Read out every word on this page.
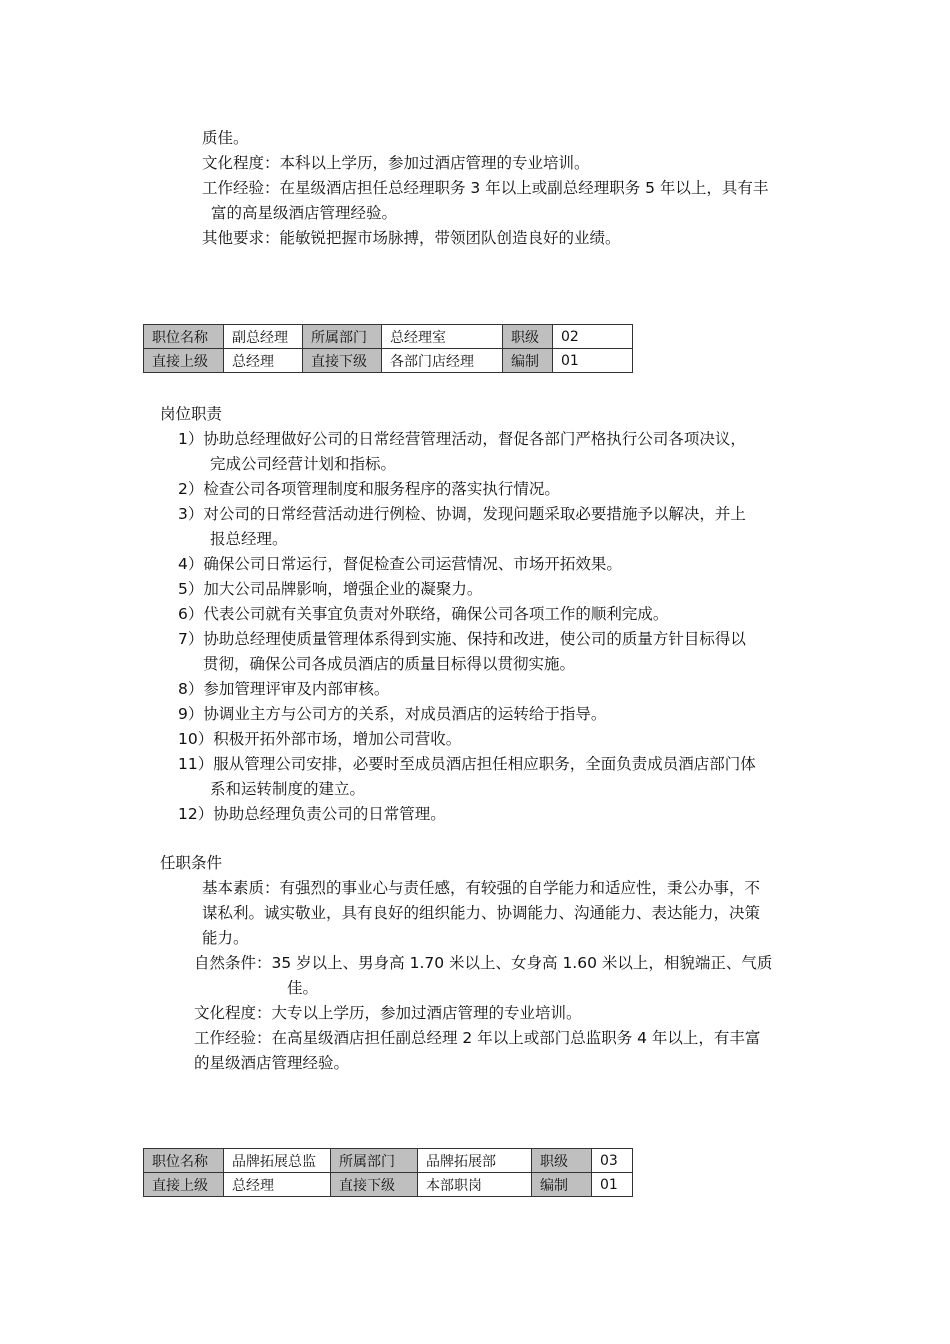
质佳。
文化程度：本科以上学历，参加过酒店管理的专业培训。
工作经验：在星级酒店担任总经理职务 3 年以上或副总经理职务 5 年以上，具有丰
富的高星级酒店管理经验。
其他要求：能敏锐把握市场脉搏，带领团队创造良好的业绩。
职位名称	副总经理	所属部门	总经理室	职级	02
直接上级	总经理	直接下级	各部门店经理	编制	01
岗位职责
1）协助总经理做好公司的日常经营管理活动，督促各部门严格执行公司各项决议，
完成公司经营计划和指标。
2）检查公司各项管理制度和服务程序的落实执行情况。
3）对公司的日常经营活动进行例检、协调，发现问题采取必要措施予以解决，并上
报总经理。
4）确保公司日常运行，督促检查公司运营情况、市场开拓效果。
5）加大公司品牌影响，增强企业的凝聚力。
6）代表公司就有关事宜负责对外联络，确保公司各项工作的顺利完成。
7）协助总经理使质量管理体系得到实施、保持和改进，使公司的质量方针目标得以
贯彻，确保公司各成员酒店的质量目标得以贯彻实施。
8）参加管理评审及内部审核。
9）协调业主方与公司方的关系，对成员酒店的运转给于指导。
10）积极开拓外部市场，增加公司营收。
11）服从管理公司安排，必要时至成员酒店担任相应职务，全面负责成员酒店部门体
系和运转制度的建立。
12）协助总经理负责公司的日常管理。
任职条件
基本素质：有强烈的事业心与责任感，有较强的自学能力和适应性，秉公办事，不
谋私利。诚实敬业，具有良好的组织能力、协调能力、沟通能力、表达能力，决策
能力。
自然条件：35 岁以上、男身高 1.70 米以上、女身高 1.60 米以上，相貌端正、气质
佳。
文化程度：大专以上学历，参加过酒店管理的专业培训。
工作经验：在高星级酒店担任副总经理 2 年以上或部门总监职务 4 年以上，有丰富
的星级酒店管理经验。
职位名称	品牌拓展总监	所属部门	品牌拓展部	职级	03
直接上级	总经理	直接下级	本部职岗	编制	01
